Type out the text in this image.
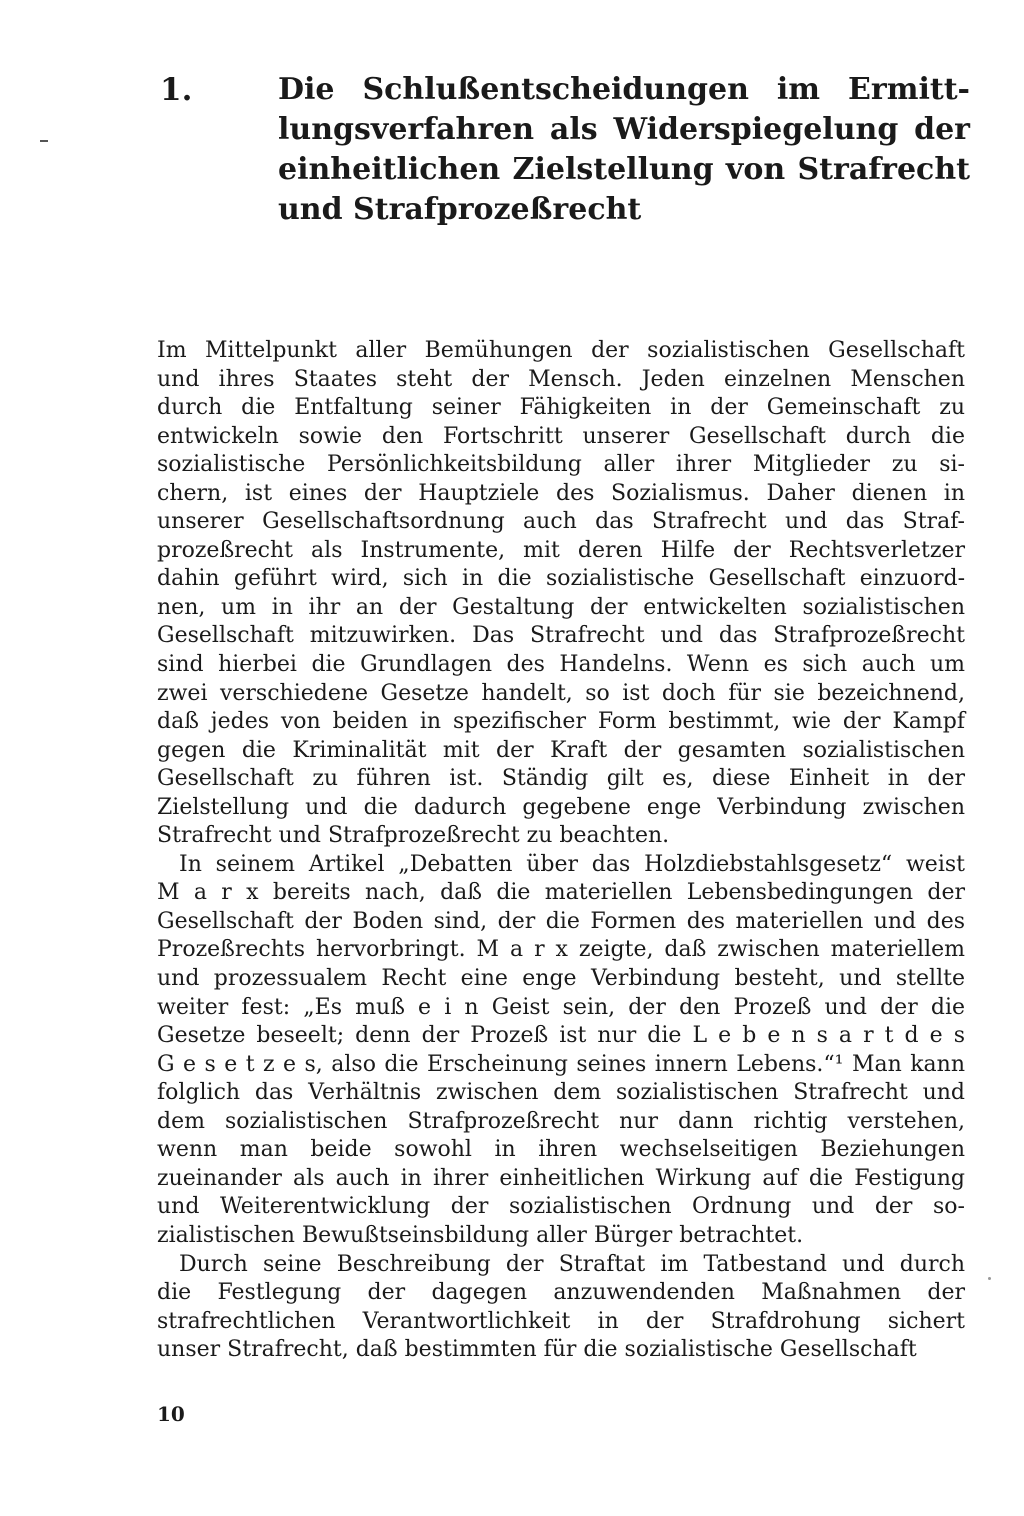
1.	Die Schlußentscheidungen im Ermitt-
lungsverfahren als Widerspiegelung der
einheitlichen Zielstellung von Strafrecht
und Strafprozeßrecht
Im Mittelpunkt aller Bemühungen der sozialistischen Gesellschaft
und ihres Staates steht der Mensch. Jeden einzelnen Menschen
durch die Entfaltung seiner Fähigkeiten in der Gemeinschaft zu
entwickeln sowie den Fortschritt unserer Gesellschaft durch die
sozialistische Persönlichkeitsbildung aller ihrer Mitglieder zu si-
chern, ist eines der Hauptziele des Sozialismus. Daher dienen in
unserer Gesellschaftsordnung auch das Strafrecht und das Straf-
prozeßrecht als Instrumente, mit deren Hilfe der Rechtsverletzer
dahin geführt wird, sich in die sozialistische Gesellschaft einzuord-
nen, um in ihr an der Gestaltung der entwickelten sozialistischen
Gesellschaft mitzuwirken. Das Strafrecht und das Strafprozeßrecht
sind hierbei die Grundlagen des Handelns. Wenn es sich auch um
zwei verschiedene Gesetze handelt, so ist doch für sie bezeichnend,
daß jedes von beiden in spezifischer Form bestimmt, wie der Kampf
gegen die Kriminalität mit der Kraft der gesamten sozialistischen
Gesellschaft zu führen ist. Ständig gilt es, diese Einheit in der
Zielstellung und die dadurch gegebene enge Verbindung zwischen
Strafrecht und Strafprozeßrecht zu beachten.
In seinem Artikel „Debatten über das Holzdiebstahlsgesetz“ weist
M a r x bereits nach, daß die materiellen Lebensbedingungen der
Gesellschaft der Boden sind, der die Formen des materiellen und des
Prozeßrechts hervorbringt. M a r x zeigte, daß zwischen materiellem
und prozessualem Recht eine enge Verbindung besteht, und stellte
weiter fest: „Es muß e i n Geist sein, der den Prozeß und der die
Gesetze beseelt; denn der Prozeß ist nur die L e b e n s a r t d e s
G e s e t z e s, also die Erscheinung seines innern Lebens.“¹ Man kann
folglich das Verhältnis zwischen dem sozialistischen Strafrecht und
dem sozialistischen Strafprozeßrecht nur dann richtig verstehen,
wenn man beide sowohl in ihren wechselseitigen Beziehungen
zueinander als auch in ihrer einheitlichen Wirkung auf die Festigung
und Weiterentwicklung der sozialistischen Ordnung und der so-
zialistischen Bewußtseinsbildung aller Bürger betrachtet.
Durch seine Beschreibung der Straftat im Tatbestand und durch
die Festlegung der dagegen anzuwendenden Maßnahmen der
strafrechtlichen Verantwortlichkeit in der Strafdrohung sichert
unser Strafrecht, daß bestimmten für die sozialistische Gesellschaft
10
